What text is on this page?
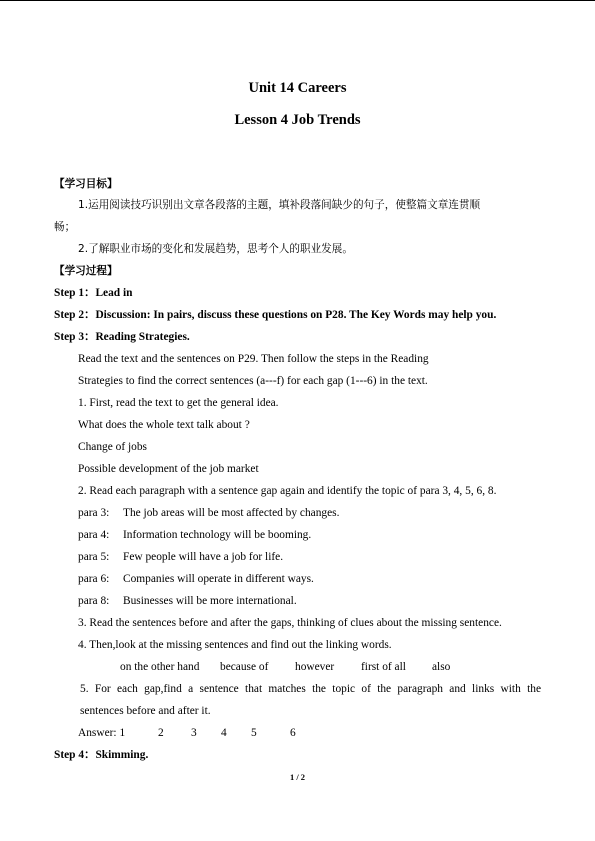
Unit 14 Careers
Lesson 4 Job Trends
【学习目标】
1.运用阅读技巧识别出文章各段落的主题，填补段落间缺少的句子，使整篇文章连贯顺
畅；
2.了解职业市场的变化和发展趋势，思考个人的职业发展。
【学习过程】
Step 1：Lead in
Step 2：Discussion: In pairs, discuss these questions on P28. The Key Words may help you.
Step 3：Reading Strategies.
Read the text and the sentences on P29. Then follow the steps in the Reading
Strategies to find the correct sentences (a---f) for each gap (1---6) in the text.
1. First, read the text to get the general idea.
What does the whole text talk about ?
Change of jobs
Possible development of the job market
2. Read each paragraph with a sentence gap again and identify the topic of para 3, 4, 5, 6, 8.
para 3: The job areas will be most affected by changes.
para 4: Information technology will be booming.
para 5: Few people will have a job for life.
para 6: Companies will operate in different ways.
para 8: Businesses will be more international.
3. Read the sentences before and after the gaps, thinking of clues about the missing sentence.
4. Then,look at the missing sentences and find out the linking words.
on the other hand because of however first of all also
5. For each gap,find a sentence that matches the topic of the paragraph and links with the
sentences before and after it.
Answer: 1	2 3 4 5	6
Step 4：Skimming.
1 / 2
